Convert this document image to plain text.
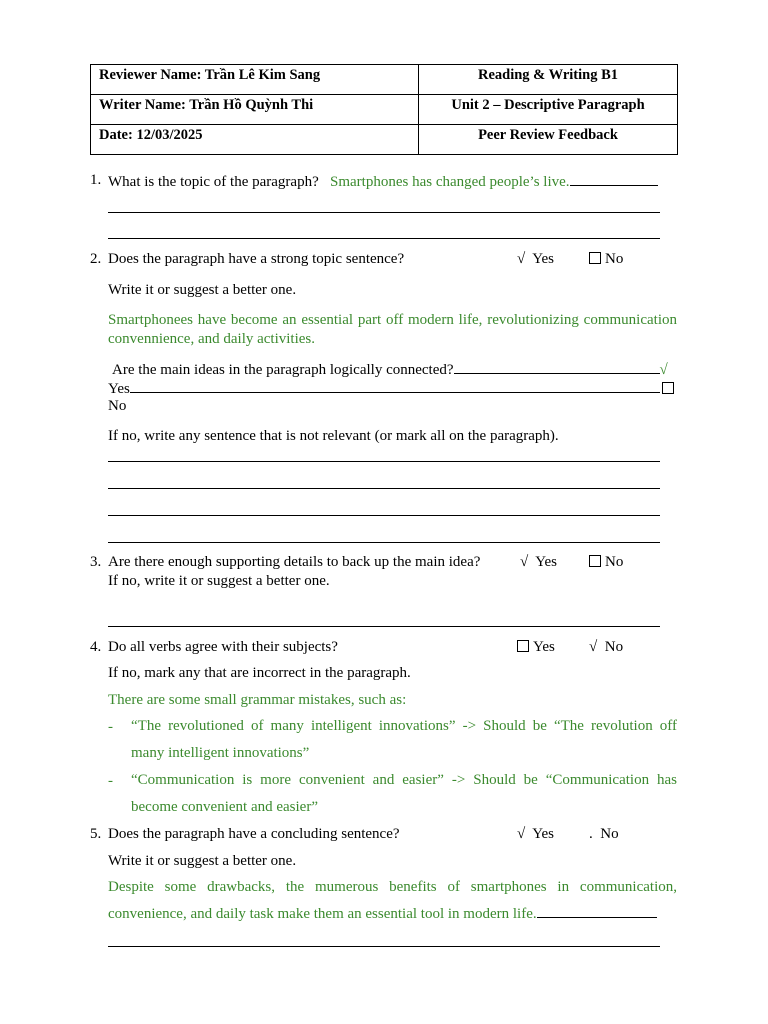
Reviewer Name: Trần Lê Kim Sang	Reading & Writing B1
Writer Name: Trần Hồ Quỳnh Thi	Unit 2 – Descriptive Paragraph
Date: 12/03/2025	Peer Review Feedback
1. What is the topic of the paragraph? Smartphones has changed people’s live.
2. Does the paragraph have a strong topic sentence?	√ Yes	No
Write it or suggest a better one.
Smartphonees have become an essential part off modern life, revolutionizing communication convennience, and daily activities.
Are the main ideas in the paragraph logically connected?	√
Yes
No
If no, write any sentence that is not relevant (or mark all on the paragraph).
3. Are there enough supporting details to back up the main idea?	√ Yes	No
If no, write it or suggest a better one.
4. Do all verbs agree with their subjects?	Yes √ No
If no, mark any that are incorrect in the paragraph.
There are some small grammar mistakes, such as:
- “The revolutioned of many intelligent innovations” -> Should be “The revolution off many intelligent innovations”
- “Communication is more convenient and easier” -> Should be “Communication has become convenient and easier”
5. Does the paragraph have a concluding sentence?	√ Yes . No
Write it or suggest a better one.
Despite some drawbacks, the mumerous benefits of smartphones in communication, convenience, and daily task make them an essential tool in modern life.
